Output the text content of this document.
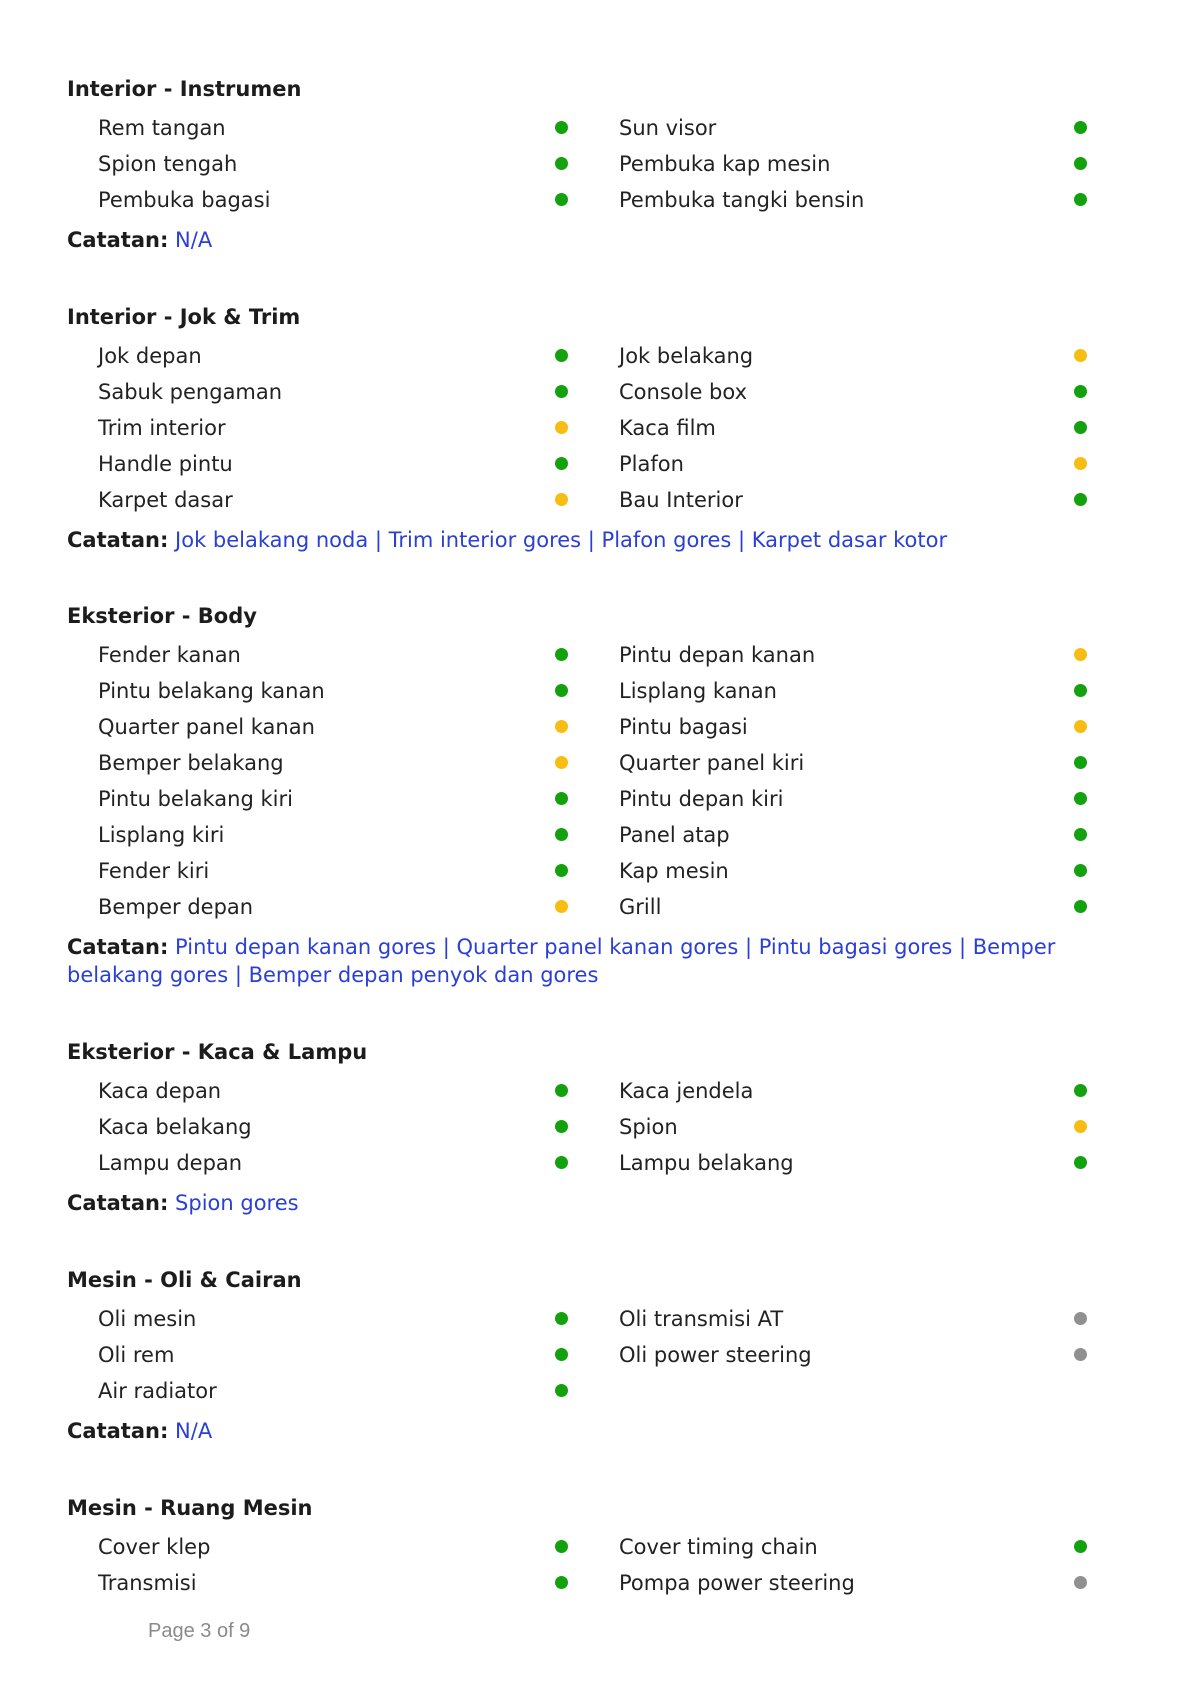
Interior - Instrumen
Rem tangan	Sun visor
Spion tengah	Pembuka kap mesin
Pembuka bagasi	Pembuka tangki bensin
Catatan: N/A
Interior - Jok & Trim
Jok depan	Jok belakang
Sabuk pengaman	Console box
Trim interior	Kaca film
Handle pintu	Plafon
Karpet dasar	Bau Interior
Catatan: Jok belakang noda | Trim interior gores | Plafon gores | Karpet dasar kotor
Eksterior - Body
Fender kanan	Pintu depan kanan
Pintu belakang kanan	Lisplang kanan
Quarter panel kanan	Pintu bagasi
Bemper belakang	Quarter panel kiri
Pintu belakang kiri	Pintu depan kiri
Lisplang kiri	Panel atap
Fender kiri	Kap mesin
Bemper depan	Grill
Catatan: Pintu depan kanan gores | Quarter panel kanan gores | Pintu bagasi gores | Bemper belakang gores | Bemper depan penyok dan gores
Eksterior - Kaca & Lampu
Kaca depan	Kaca jendela
Kaca belakang	Spion
Lampu depan	Lampu belakang
Catatan: Spion gores
Mesin - Oli & Cairan
Oli mesin	Oli transmisi AT
Oli rem	Oli power steering
Air radiator
Catatan: N/A
Mesin - Ruang Mesin
Cover klep	Cover timing chain
Transmisi	Pompa power steering
Page 3 of 9
